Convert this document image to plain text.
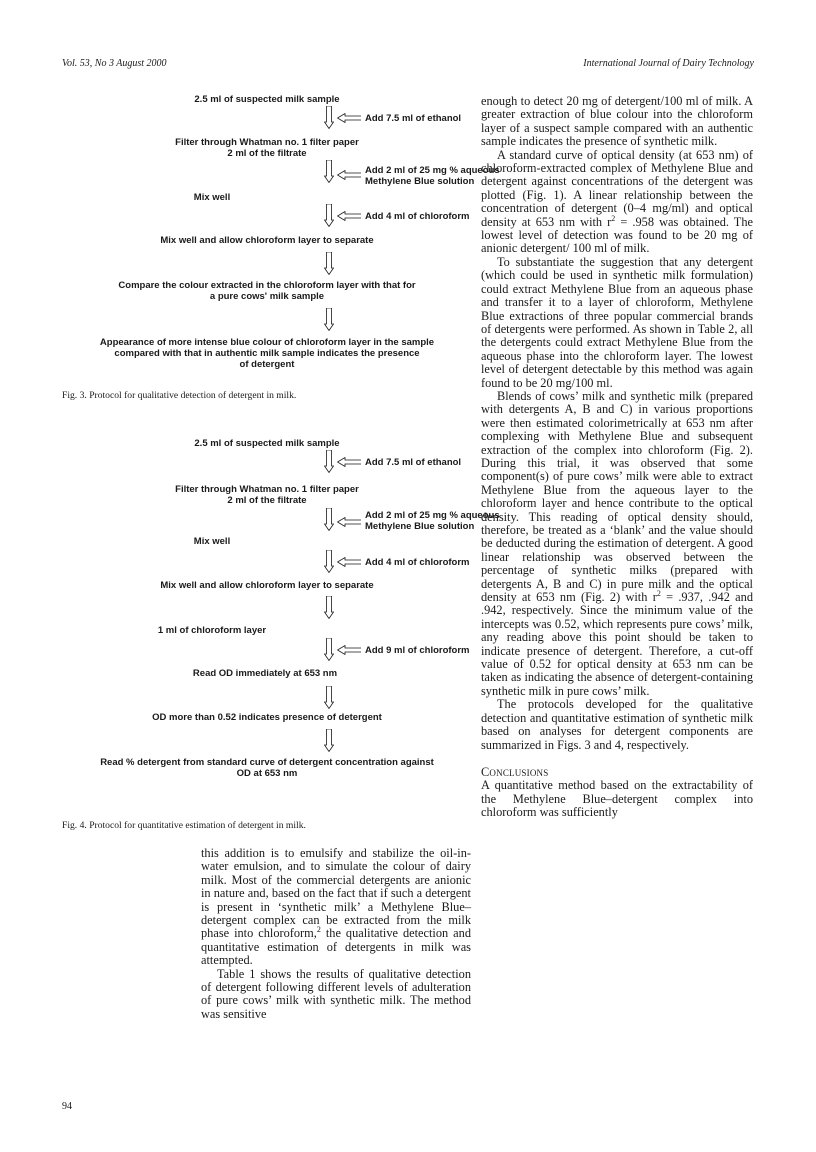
Vol. 53, No 3 August 2000	International Journal of Dairy Technology
2.5 ml of suspected milk sample
Add 7.5 ml of ethanol
Filter through Whatman no. 1 filter paper
2 ml of the filtrate
Add 2 ml of 25 mg % aqueous
Methylene Blue solution
Mix well
Add 4 ml of chloroform
Mix well and allow chloroform layer to separate
Compare the colour extracted in the chloroform layer with that for
a pure cows' milk sample
Appearance of more intense blue colour of chloroform layer in the sample
compared with that in authentic milk sample indicates the presence
of detergent
Fig. 3. Protocol for qualitative detection of detergent in milk.
2.5 ml of suspected milk sample
Add 7.5 ml of ethanol
Filter through Whatman no. 1 filter paper
2 ml of the filtrate
Add 2 ml of 25 mg % aqueous
Methylene Blue solution
Mix well
Add 4 ml of chloroform
Mix well and allow chloroform layer to separate
1 ml of chloroform layer
Add 9 ml of chloroform
Read OD immediately at 653 nm
OD more than 0.52 indicates presence of detergent
Read % detergent from standard curve of detergent concentration against
OD at 653 nm
Fig. 4. Protocol for quantitative estimation of detergent in milk.

this addition is to emulsify and stabilize the oil-in-water emulsion, and to simulate the colour of dairy milk. Most of the commercial detergents are anionic in nature and, based on the fact that if such a detergent is present in ‘synthetic milk’ a Methylene Blue–detergent complex can be extracted from the milk phase into chloroform,$^2$ the qualitative detection and quantitative estimation of detergents in milk was attempted.

Table 1 shows the results of qualitative detection of detergent following different levels of adulteration of pure cows’ milk with synthetic milk. The method was sensitive

enough to detect 20 mg of detergent/100 ml of milk. A greater extraction of blue colour into the chloroform layer of a suspect sample compared with an authentic sample indicates the presence of synthetic milk.

A standard curve of optical density (at 653 nm) of chloroform-extracted complex of Methylene Blue and detergent against concentrations of the detergent was plotted (Fig. 1). A linear relationship between the concentration of detergent (0–4 mg/ml) and optical density at 653 nm with $r^2 = .958$ was obtained. The lowest level of detection was found to be 20 mg of anionic detergent/ 100 ml of milk.

To substantiate the suggestion that any detergent (which could be used in synthetic milk formulation) could extract Methylene Blue from an aqueous phase and transfer it to a layer of chloroform, Methylene Blue extractions of three popular commercial brands of detergents were performed. As shown in Table 2, all the detergents could extract Methylene Blue from the aqueous phase into the chloroform layer. The lowest level of detergent detectable by this method was again found to be 20 mg/100 ml.

Blends of cows’ milk and synthetic milk (prepared with detergents A, B and C) in various proportions were then estimated colorimetrically at 653 nm after complexing with Methylene Blue and subsequent extraction of the complex into chloroform (Fig. 2). During this trial, it was observed that some component(s) of pure cows’ milk were able to extract Methylene Blue from the aqueous layer to the chloroform layer and hence contribute to the optical density. This reading of optical density should, therefore, be treated as a ‘blank’ and the value should be deducted during the estimation of detergent. A good linear relationship was observed between the percentage of synthetic milks (prepared with detergents A, B and C) in pure milk and the optical density at 653 nm (Fig. 2) with $r^2 = .937$, .942 and .942, respectively. Since the minimum value of the intercepts was 0.52, which represents pure cows’ milk, any reading above this point should be taken to indicate presence of detergent. Therefore, a cut-off value of 0.52 for optical density at 653 nm can be taken as indicating the absence of detergent-containing synthetic milk in pure cows’ milk.

The protocols developed for the qualitative detection and quantitative estimation of synthetic milk based on analyses for detergent components are summarized in Figs. 3 and 4, respectively.

Conclusions

A quantitative method based on the extractability of the Methylene Blue–detergent complex into chloroform was sufficiently

94
